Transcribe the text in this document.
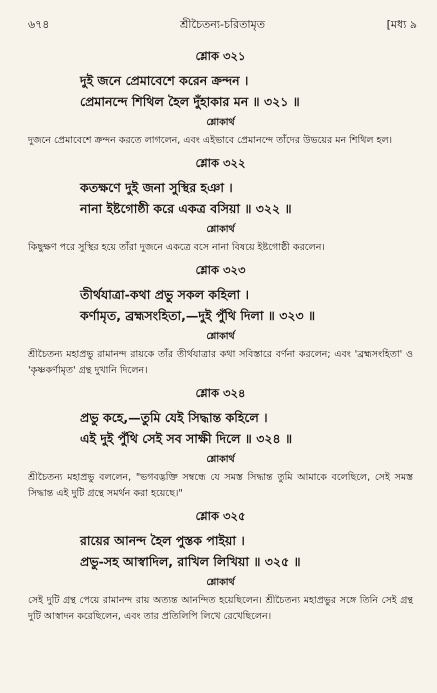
৬৭৪	শ্রীচৈতন্য-চরিতামৃত	[মধ্য ৯
শ্লোক ৩২১
দুই জনে প্রেমাবেশে করেন ক্রন্দন ।
প্রেমানন্দে শিথিল হৈল দুঁহাকার মন ॥ ৩২১ ॥
শ্লোকার্থ
দুজনে প্রেমাবেশে ক্রন্দন করতে লাগলেন, এবং এইভাবে প্রেমানন্দে তাঁদের উভয়ের মন শিথিল হল।
শ্লোক ৩২২
কতক্ষণে দুই জনা সুস্থির হঞা ।
নানা ইষ্টগোষ্ঠী করে একত্র বসিয়া ॥ ৩২২ ॥
শ্লোকার্থ
কিছুক্ষণ পরে সুস্থির হয়ে তাঁরা দুজনে একত্রে বসে নানা বিষয়ে ইষ্টগোষ্ঠী করলেন।
শ্লোক ৩২৩
তীর্থযাত্রা-কথা প্রভু সকল কহিলা ।
কর্ণামৃত, ব্রহ্মসংহিতা,—দুই পুঁথি দিলা ॥ ৩২৩ ॥
শ্লোকার্থ
শ্রীচৈতন্য মহাপ্রভু রামানন্দ রায়কে তাঁর তীর্থযাত্রার কথা সবিস্তারে বর্ণনা করলেন; এবং 'ব্রহ্মসংহিতা' ও 'কৃষ্ণকর্ণামৃত' গ্রন্থ দুখানি দিলেন।
শ্লোক ৩২৪
প্রভু কহে,—তুমি যেই সিদ্ধান্ত কহিলে ।
এই দুই পুঁথি সেই সব সাক্ষী দিলে ॥ ৩২৪ ॥
শ্লোকার্থ
শ্রীচৈতন্য মহাপ্রভু বললেন, "ভগবদ্ভক্তি সম্বন্ধে যে সমস্ত সিদ্ধান্ত তুমি আমাকে বলেছিলে, সেই সমস্ত সিদ্ধান্ত এই দুটি গ্রন্থে সমর্থন করা হয়েছে।"
শ্লোক ৩২৫
রায়ের আনন্দ হৈল পুস্তক পাইয়া ।
প্রভু-সহ আস্বাদিল, রাখিল লিখিয়া ॥ ৩২৫ ॥
শ্লোকার্থ
সেই দুটি গ্রন্থ পেয়ে রামানন্দ রায় অত্যন্ত আনন্দিত হয়েছিলেন। শ্রীচৈতন্য মহাপ্রভুর সঙ্গে তিনি সেই গ্রন্থ দুটি আস্বাদন করেছিলেন, এবং তার প্রতিলিপি লিখে রেখেছিলেন।
